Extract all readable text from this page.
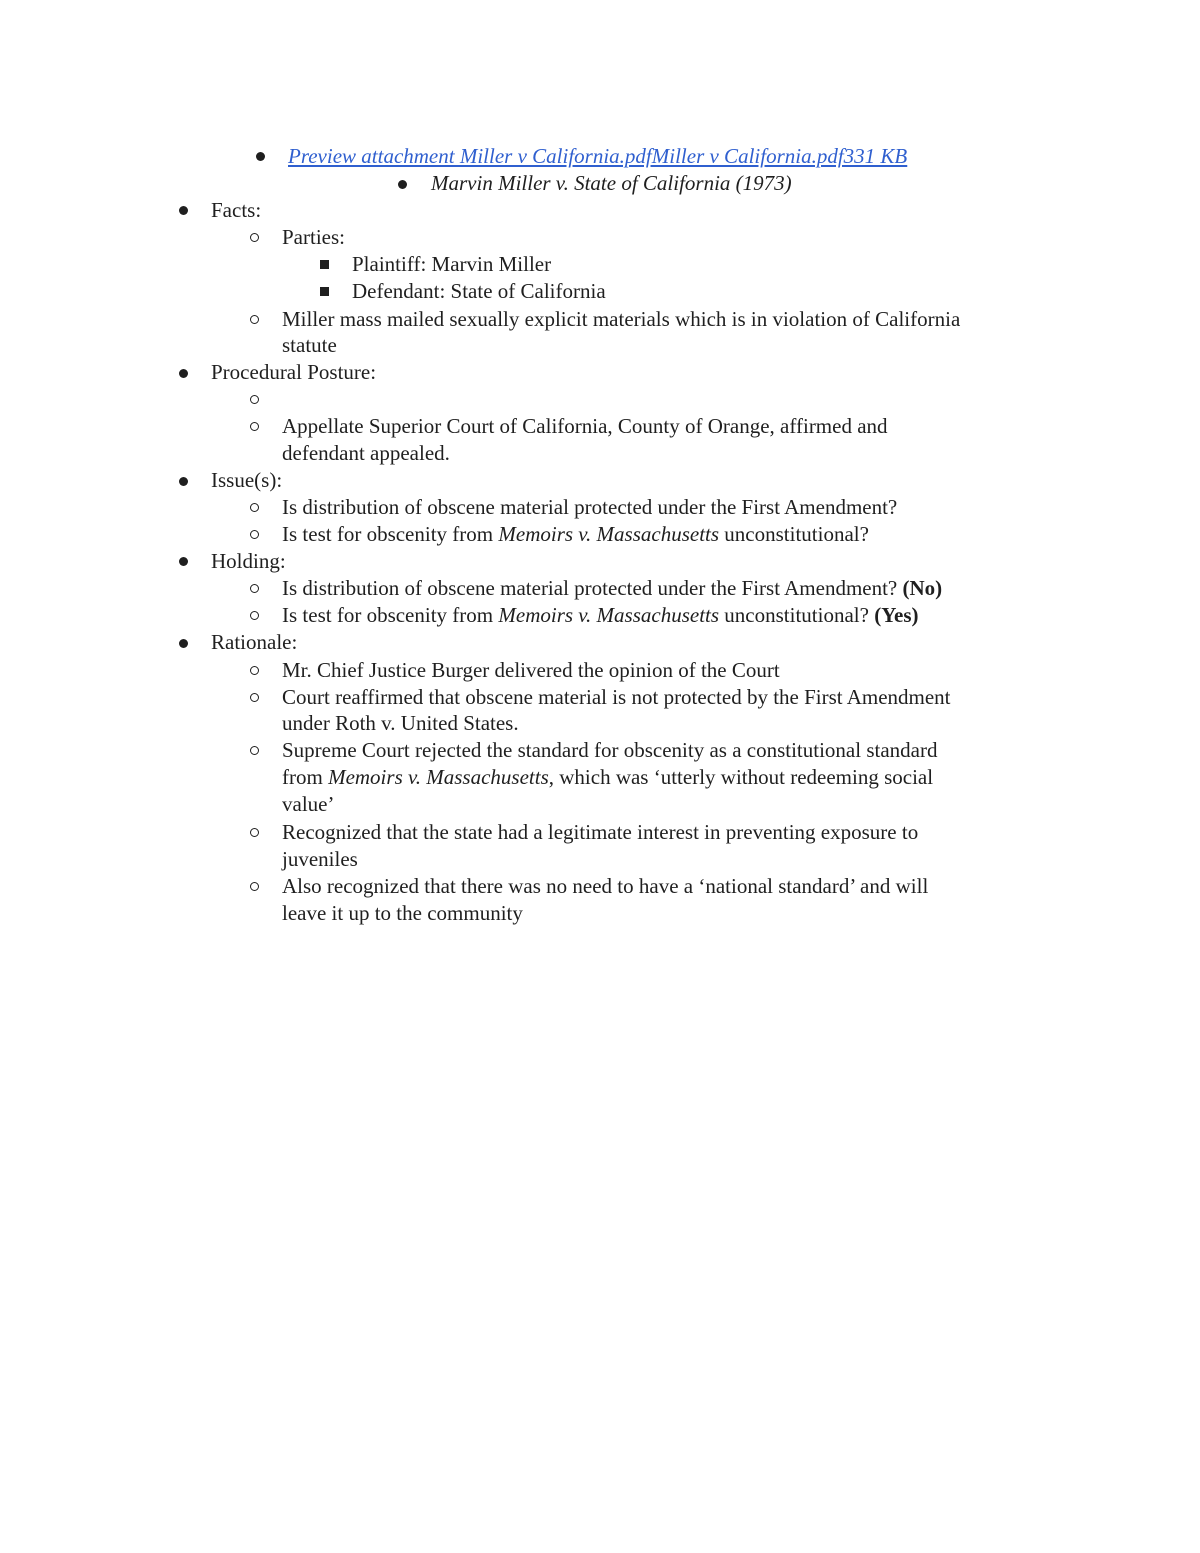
Preview attachment Miller v California.pdfMiller v California.pdf331 KB
Marvin Miller v. State of California (1973)
Facts:
Parties:
Plaintiff: Marvin Miller
Defendant: State of California
Miller mass mailed sexually explicit materials which is in violation of California
statute
Procedural Posture:
Appellate Superior Court of California, County of Orange, affirmed and
defendant appealed.
Issue(s):
Is distribution of obscene material protected under the First Amendment?
Is test for obscenity from Memoirs v. Massachusetts unconstitutional?
Holding:
Is distribution of obscene material protected under the First Amendment? (No)
Is test for obscenity from Memoirs v. Massachusetts unconstitutional? (Yes)
Rationale:
Mr. Chief Justice Burger delivered the opinion of the Court
Court reaffirmed that obscene material is not protected by the First Amendment
under Roth v. United States.
Supreme Court rejected the standard for obscenity as a constitutional standard
from Memoirs v. Massachusetts, which was ‘utterly without redeeming social
value’
Recognized that the state had a legitimate interest in preventing exposure to
juveniles
Also recognized that there was no need to have a ‘national standard’ and will
leave it up to the community
